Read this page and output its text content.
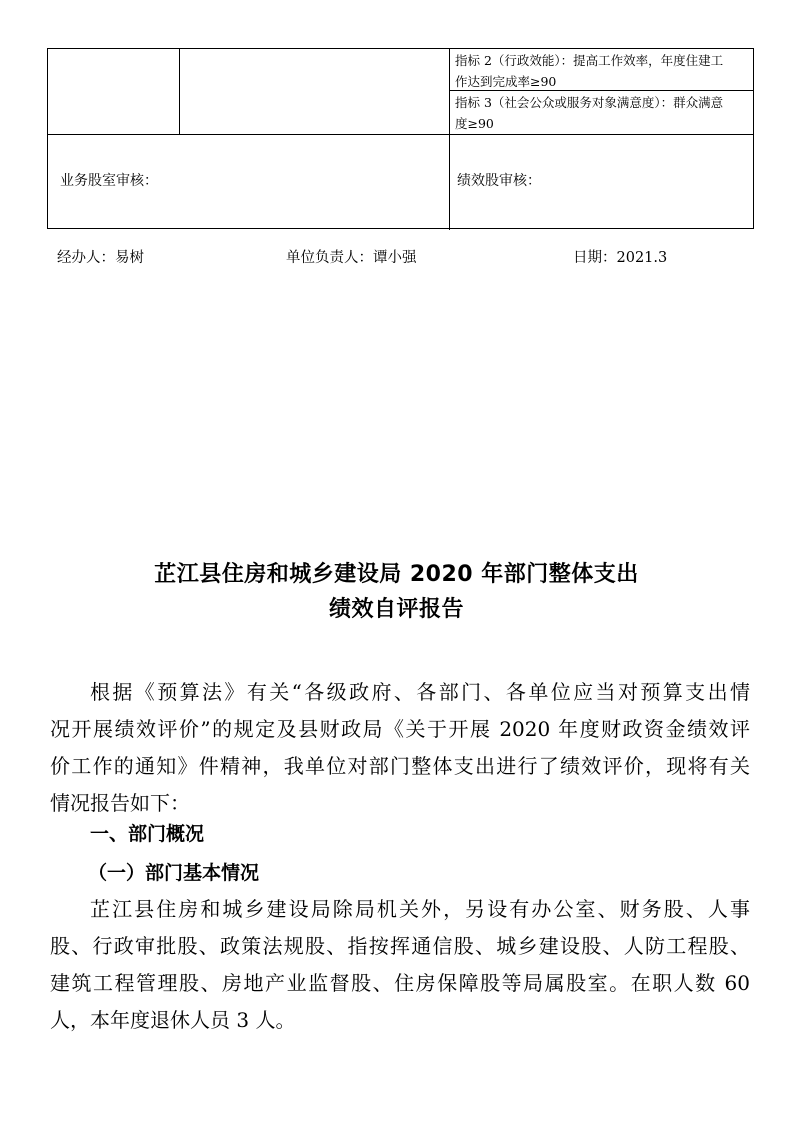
指标 2（行政效能）：提高工作效率，年度住建工
作达到完成率≥90
指标 3（社会公众或服务对象满意度）：群众满意
度≥90
业务股室审核：	绩效股审核：
经办人：易树	单位负责人：谭小强	日期：2021.3
芷江县住房和城乡建设局 2020 年部门整体支出
绩效自评报告
根据《预算法》有关“各级政府、各部门、各单位应当对预算支出情
况开展绩效评价”的规定及县财政局《关于开展 2020 年度财政资金绩效评
价工作的通知》件精神，我单位对部门整体支出进行了绩效评价，现将有关
情况报告如下：
一、部门概况
（一）部门基本情况
芷江县住房和城乡建设局除局机关外，另设有办公室、财务股、人事
股、行政审批股、政策法规股、指按挥通信股、城乡建设股、人防工程股、
建筑工程管理股、房地产业监督股、住房保障股等局属股室。在职人数 60
人，本年度退休人员 3 人。
